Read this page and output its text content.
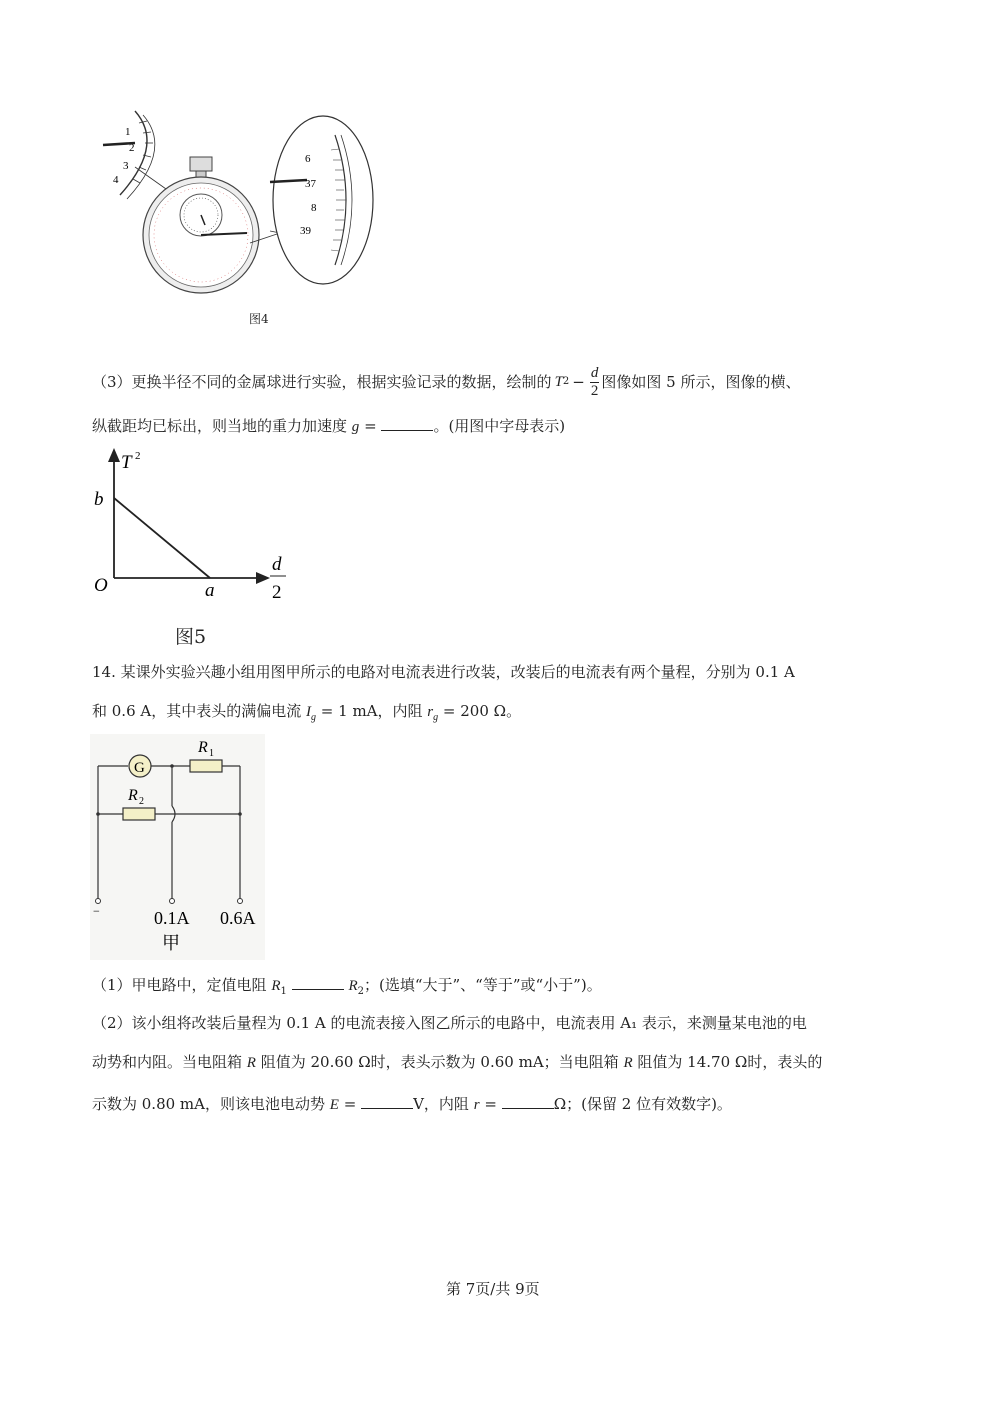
1
2
3
4
6
37
8
39
图4
（3） 更换半径不同的金属球进行实验，根据实验记录的数据，绘制的 T $2 - \frac{d}{2}$ 图像如图 5 所示，图像的横、
纵截距均已标出，则当地的重力加速度 g =	。(用图中字母表示)
T 2
b
O	a
d
2
图5
14. 某课外实验兴趣小组用图甲所示的电路对电流表进行改装，改装后的电流表有两个量程，分别为 0.1 A
和 0.6 A，其中表头的满偏电流 $I_g = 1$ mA，内阻 $r_g = 200$ Ω。
G
R 1
R 2
−	0.1A 0.6A
甲
（1）甲电路中，定值电阻 $R_1$	$R_2$；(选填“大于”、“等于”或“小于”)。
（2）该小组将改装后量程为 0.1 A 的电流表接入图乙所示的电路中，电流表用 A₁ 表示，来测量某电池的电
动势和内阻。当电阻箱 R 阻值为 20.60 Ω时，表头示数为 0.60 mA；当电阻箱 R 阻值为 14.70 Ω时，表头的
示数为 0.80 mA，则该电池电动势 E =	V，内阻 r =	Ω；(保留 2 位有效数字)。
第 7页/共 9页
